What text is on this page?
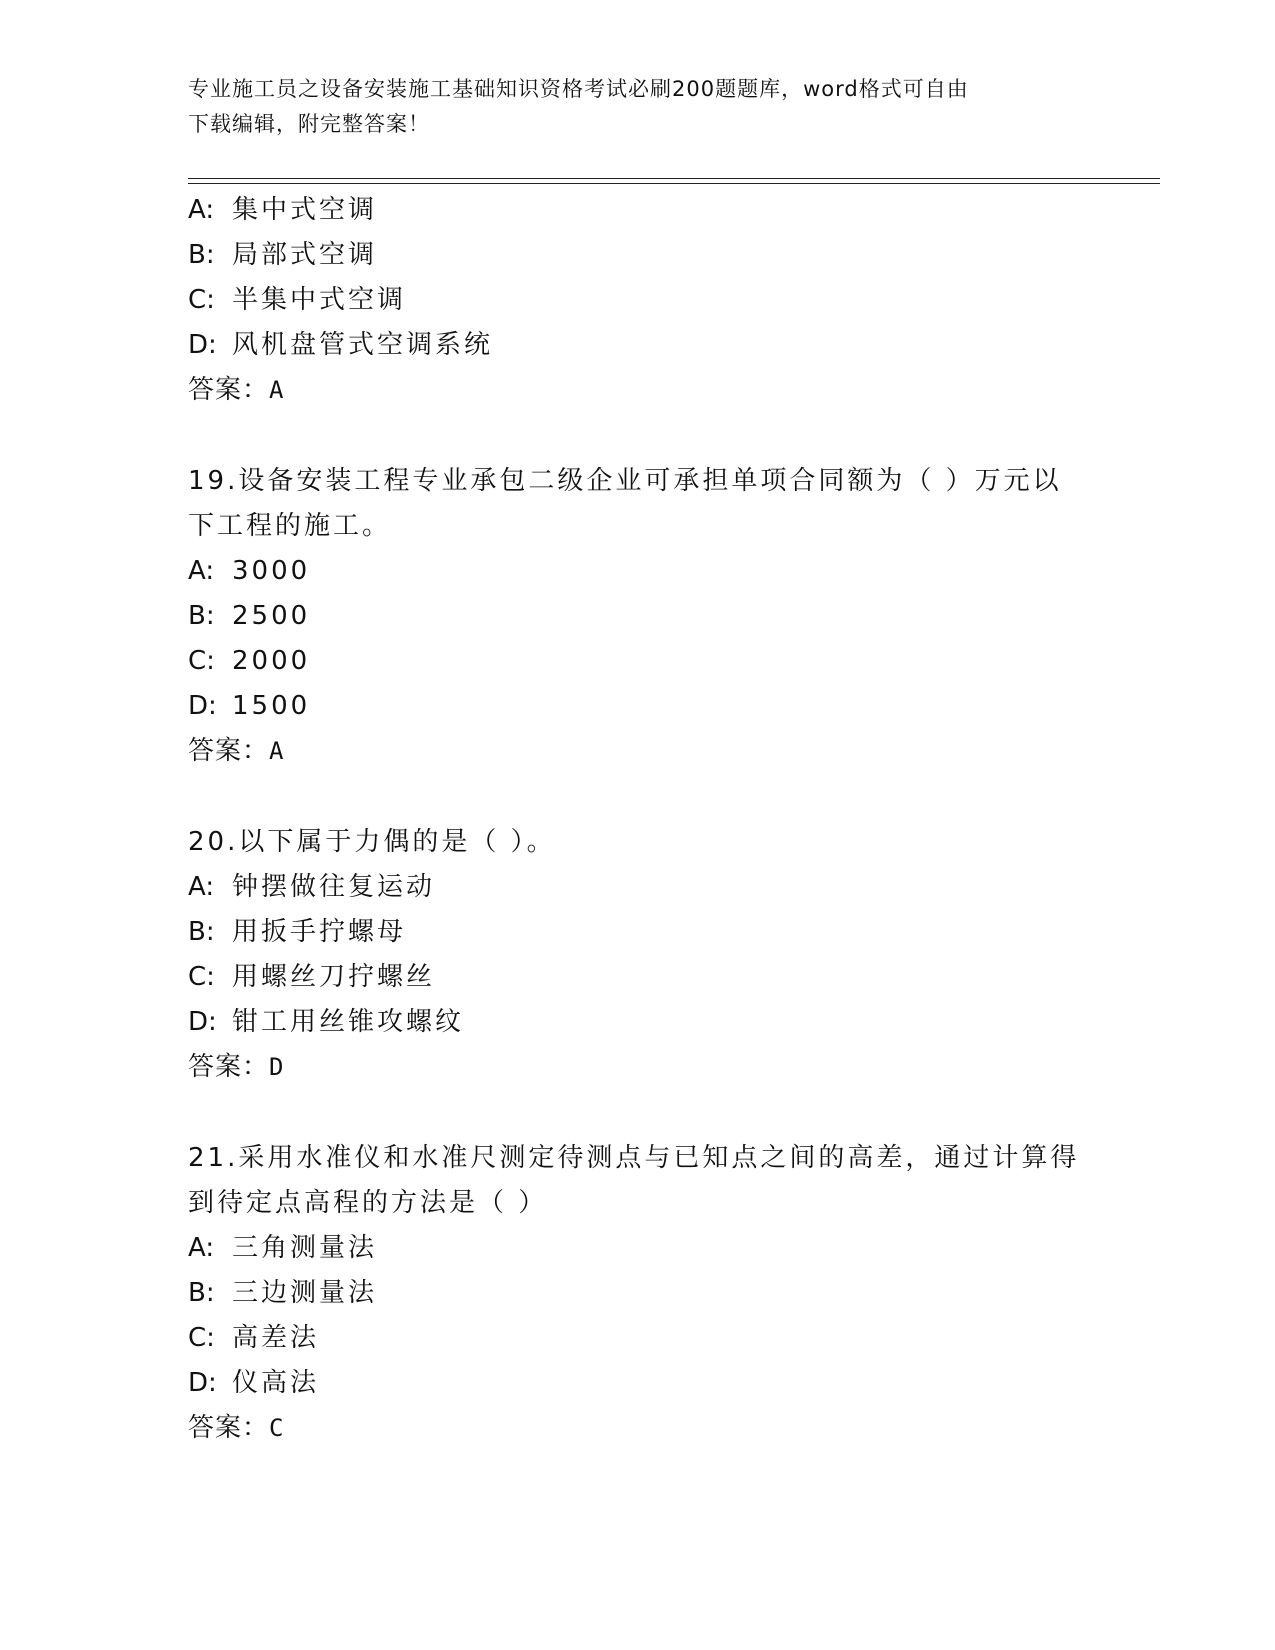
专业施工员之设备安装施工基础知识资格考试必刷200题题库，word格式可自由
下载编辑，附完整答案！
A: 集中式空调
B: 局部式空调
C: 半集中式空调
D: 风机盘管式空调系统
答案：A
19.设备安装工程专业承包二级企业可承担单项合同额为（ ）万元以
下工程的施工。
A: 3000
B: 2500
C: 2000
D: 1500
答案：A
20.以下属于力偶的是（ ）。
A: 钟摆做往复运动
B: 用扳手拧螺母
C: 用螺丝刀拧螺丝
D: 钳工用丝锥攻螺纹
答案：D
21.采用水准仪和水准尺测定待测点与已知点之间的高差，通过计算得
到待定点高程的方法是（ ）
A: 三角测量法
B: 三边测量法
C: 高差法
D: 仪高法
答案：C
